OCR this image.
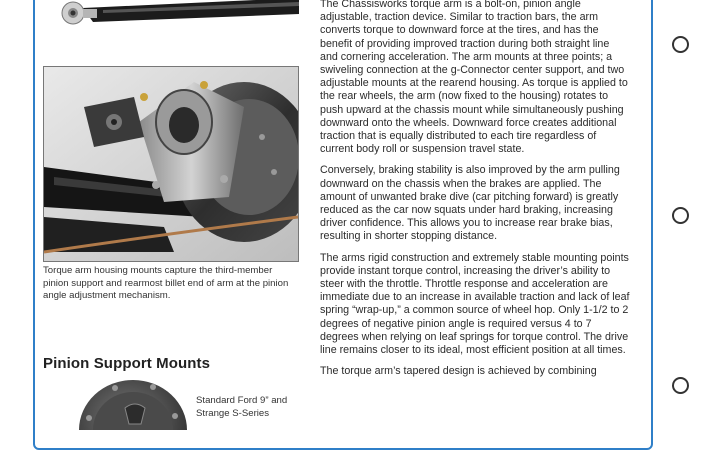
Torque arm housing mounts capture the third-member pinion support and rearmost billet end of arm at the pinion angle adjustment mechanism.
Pinion Support Mounts
Standard Ford 9” and Strange S-Series

The Chassisworks torque arm is a bolt-on, pinion angle adjustable, traction device. Similar to traction bars, the arm converts torque to downward force at the tires, and has the benefit of providing improved traction during both straight line and cornering acceleration. The arm mounts at three points; a swiveling connection at the g-Connector center support, and two adjustable mounts at the rearend housing. As torque is applied to the rear wheels, the arm (now fixed to the housing) rotates to push upward at the chassis mount while simultaneously pushing downward onto the wheels. Downward force creates additional traction that is equally distributed to each tire regardless of current body roll or suspension travel state.

Conversely, braking stability is also improved by the arm pulling downward on the chassis when the brakes are applied. The amount of unwanted brake dive (car pitching forward) is greatly reduced as the car now squats under hard braking, increasing driver confidence. This allows you to increase rear brake bias, resulting in shorter stopping distance.

The arms rigid construction and extremely stable mounting points provide instant torque control, increasing the driver’s ability to steer with the throttle. Throttle response and acceleration are immediate due to an increase in available traction and lack of leaf spring “wrap-up,” a common source of wheel hop. Only 1-1/2 to 2 degrees of negative pinion angle is required versus 4 to 7 degrees when relying on leaf springs for torque control. The drive line remains closer to its ideal, most efficient position at all times.

The torque arm’s tapered design is achieved by combining
